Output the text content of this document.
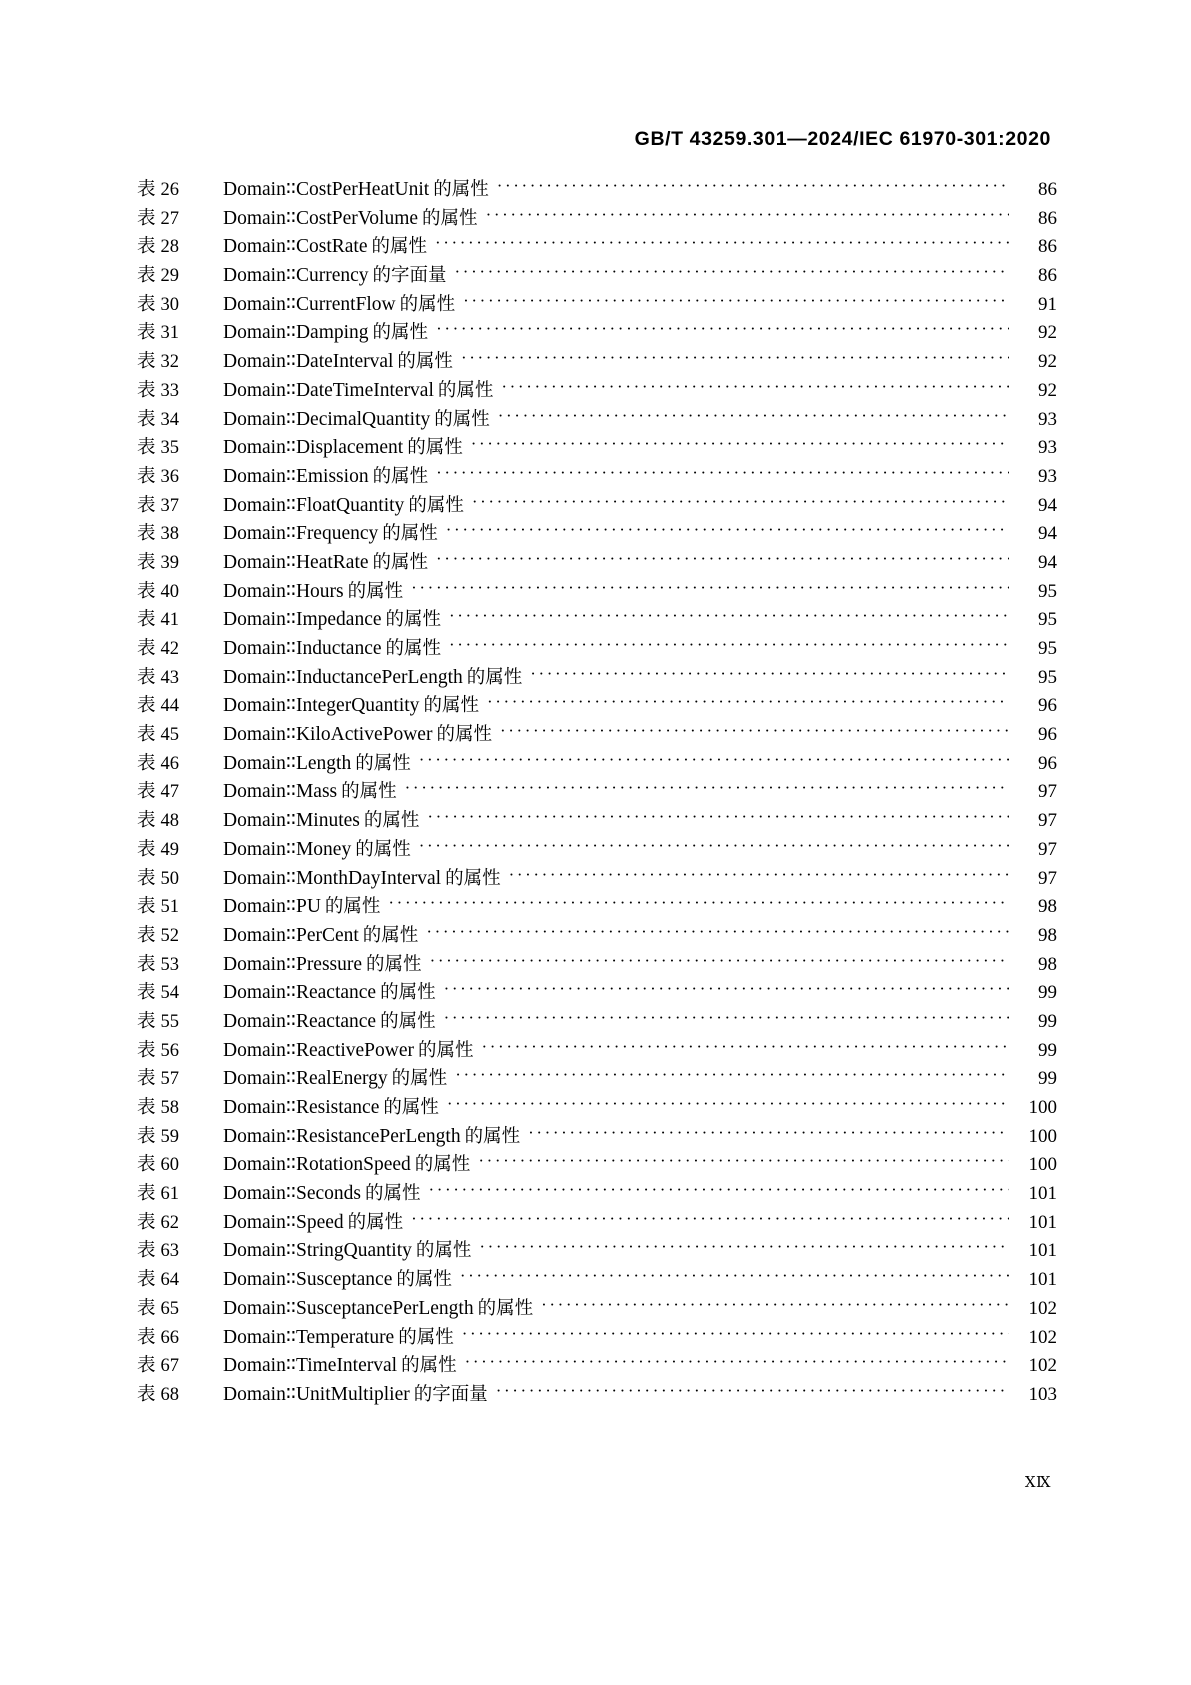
GB/T 43259.301—2024/IEC 61970-301:2020
表 26 Domain∶∶CostPerHeatUnit 的属性 ·····	86
表 27 Domain∶∶CostPerVolume 的属性 ·····	86
表 28 Domain∶∶CostRate 的属性 ·····	86
表 29 Domain∶∶Currency 的字面量 ·····	86
表 30 Domain∶∶CurrentFlow 的属性 ·····	91
表 31 Domain∶∶Damping 的属性 ·····	92
表 32 Domain∶∶DateInterval 的属性 ·····	92
表 33 Domain∶∶DateTimeInterval 的属性 ·····	92
表 34 Domain∶∶DecimalQuantity 的属性 ·····	93
表 35 Domain∶∶Displacement 的属性 ·····	93
表 36 Domain∶∶Emission 的属性 ·····	93
表 37 Domain∶∶FloatQuantity 的属性 ·····	94
表 38 Domain∶∶Frequency 的属性 ·····	94
表 39 Domain∶∶HeatRate 的属性 ·····	94
表 40 Domain∶∶Hours 的属性 ·····	95
表 41 Domain∶∶Impedance 的属性 ·····	95
表 42 Domain∶∶Inductance 的属性 ·····	95
表 43 Domain∶∶InductancePerLength 的属性 ·····	95
表 44 Domain∶∶IntegerQuantity 的属性 ·····	96
表 45 Domain∶∶KiloActivePower 的属性 ·····	96
表 46 Domain∶∶Length 的属性 ·····	96
表 47 Domain∶∶Mass 的属性 ·····	97
表 48 Domain∶∶Minutes 的属性 ·····	97
表 49 Domain∶∶Money 的属性 ·····	97
表 50 Domain∶∶MonthDayInterval 的属性 ·····	97
表 51 Domain∶∶PU 的属性 ·····	98
表 52 Domain∶∶PerCent 的属性 ·····	98
表 53 Domain∶∶Pressure 的属性 ·····	98
表 54 Domain∶∶Reactance 的属性 ·····	99
表 55 Domain∶∶Reactance 的属性 ·····	99
表 56 Domain∶∶ReactivePower 的属性 ·····	99
表 57 Domain∶∶RealEnergy 的属性 ·····	99
表 58 Domain∶∶Resistance 的属性 ·····	100
表 59 Domain∶∶ResistancePerLength 的属性 ·····	100
表 60 Domain∶∶RotationSpeed 的属性 ·····	100
表 61 Domain∶∶Seconds 的属性 ·····	101
表 62 Domain∶∶Speed 的属性 ·····	101
表 63 Domain∶∶StringQuantity 的属性 ·····	101
表 64 Domain∶∶Susceptance 的属性 ·····	101
表 65 Domain∶∶SusceptancePerLength 的属性 ·····	102
表 66 Domain∶∶Temperature 的属性 ·····	102
表 67 Domain∶∶TimeInterval 的属性 ·····	102
表 68 Domain∶∶UnitMultiplier 的字面量 ·····	103
ⅩⅨ
